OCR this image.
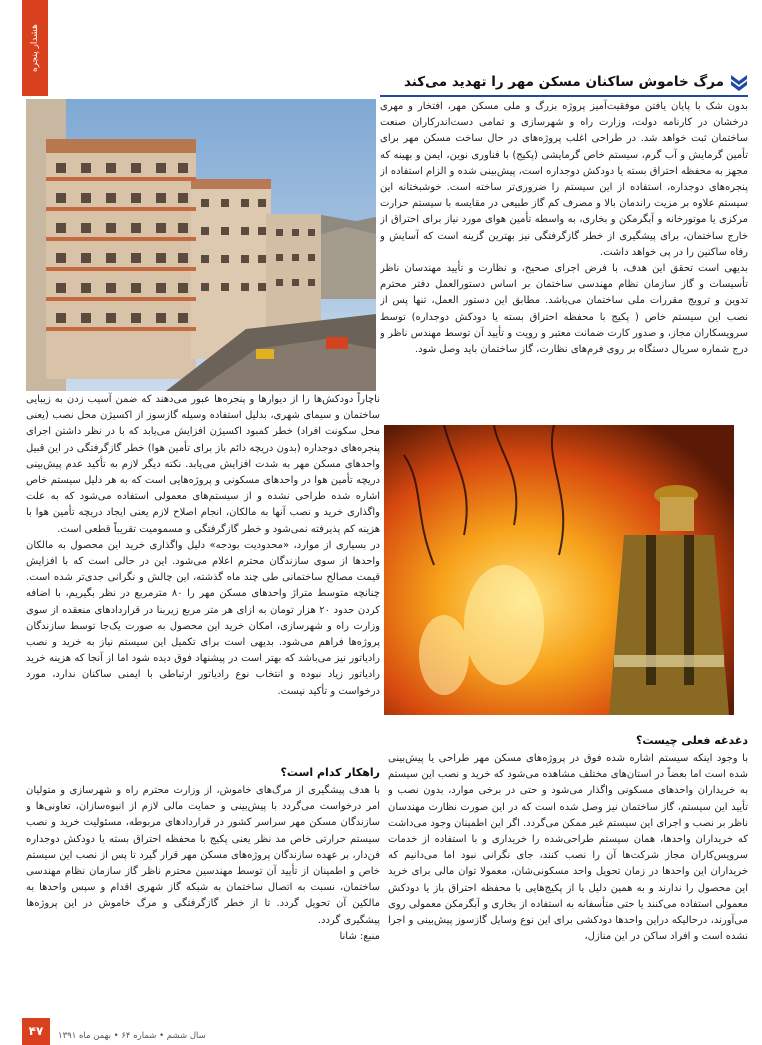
هشدار پنجره
مرگ خاموش ساکنان مسکن مهر را تهدید می‌کند

بدون شک با پایان یافتن موفقیت‌آمیز پروژه بزرگ و ملی مسکن مهر، افتخار و مهری درخشان در کارنامه دولت، وزارت راه و شهرسازی و تمامی دست‌اندرکاران صنعت ساختمان ثبت خواهد شد. در طراحی اغلب پروژه‌های در حال ساخت مسکن مهر برای تأمین گرمایش و آب گرم، سیستم خاص گرمایشی (پکیج) با فناوری نوین، ایمن و بهینه که مجهز به محفظه احتراق بسته یا دودکش دوجداره است، پیش‌بینی شده و الزام استفاده از پنجره‌های دوجداره، استفاده از این سیستم را ضروری‌تر ساخته است. خوشبختانه این سیستم علاوه بر مزیت راندمان بالا و مصرف کم گاز طبیعی در مقایسه با سیستم حرارت مرکزی یا موتورخانه و آبگرمکن و بخاری، به واسطه تأمین هوای مورد نیاز برای احتراق از خارج ساختمان، برای پیشگیری از خطر گازگرفتگی نیز بهترین گزینه است که آسایش و رفاه ساکنین را در پی خواهد داشت.

بدیهی است تحقق این هدف، با فرض اجرای صحیح، و نظارت و تأیید مهندسان ناظر تأسیسات و گاز سازمان نظام مهندسی ساختمان بر اساس دستورالعمل دفتر محترم تدوین و ترویج مقررات ملی ساختمان می‌باشد. مطابق این دستور العمل، تنها پس از نصب این سیستم خاص ( پکیج با محفظه احتراق بسته یا دودکش دوجداره) توسط سرویسکاران مجاز، و صدور کارت ضمانت معتبر و رویت و تأیید آن توسط مهندس ناظر و درج شماره سریال دستگاه بر روی فرم‌های نظارت، گاز ساختمان باید وصل شود.

ناچاراً دودکش‌ها را از دیوارها و پنجره‌ها عبور می‌دهند که ضمن آسیب زدن به زیبایی ساختمان و سیمای شهری، بدلیل استفاده وسیله گازسوز از اکسیژن محل نصب (یعنی محل سکونت افراد) خطر کمبود اکسیژن افزایش می‌یابد که با در نظر داشتن اجرای پنجره‌های دوجداره (بدون دریچه دائم باز برای تأمین هوا) خطر گازگرفتگی در این قبیل واحدهای مسکن مهر به شدت افزایش می‌یابد. نکته دیگر لازم به تأکید عدم پیش‌بینی دریچه تأمین هوا در واحدهای مسکونی و پروژه‌هایی است که به هر دلیل سیستم خاص اشاره شده طراحی نشده و از سیستم‌های معمولی استفاده می‌شود که به علت واگذاری خرید و نصب آنها به مالکان، انجام اصلاح لازم یعنی ایجاد دریچه تأمین هوا با هزینه کم پذیرفته نمی‌شود و خطر گازگرفتگی و مسمومیت تقریباً قطعی است.

در بسیاری از موارد، «محدودیت بودجه» دلیل واگذاری خرید این محصول به مالکان واحدها از سوی سازندگان محترم اعلام می‌شود. این در حالی است که با افزایش قیمت مصالح ساختمانی طی چند ماه گذشته، این چالش و نگرانی جدی‌تر شده است. چنانچه متوسط متراژ واحدهای مسکن مهر را ۸۰ مترمربع در نظر بگیریم، با اضافه کردن حدود ۲۰ هزار تومان به ازای هر متر مربع زیربنا در قراردادهای منعقده از سوی وزارت راه و شهرسازی، امکان خرید این محصول به صورت یک‌جا توسط سازندگان پروژه‌ها فراهم می‌شود. بدیهی است برای تکمیل این سیستم نیاز به خرید و نصب رادیاتور نیز می‌باشد که بهتر است در پیشنهاد فوق دیده شود اما از آنجا که هزینه خرید رادیاتور زیاد نبوده و انتخاب نوع رادیاتور ارتباطی با ایمنی ساکنان ندارد، مورد درخواست و تأکید نیست.

راهکار کدام است؟

با هدف پیشگیری از مرگ‌های خاموش، از وزارت محترم راه و شهرسازی و متولیان امر درخواست می‌گردد با پیش‌بینی و حمایت مالی لازم از انبوه‌سازان، تعاونی‌ها و سازندگان مسکن مهر سراسر کشور در قراردادهای مربوطه، مسئولیت خرید و نصب سیستم حرارتی خاص مد نظر یعنی پکیج با محفظه احتراق بسته یا دودکش دوجداره فن‌دار، بر عهده سازندگان پروژه‌های مسکن مهر قرار گیرد تا پس از نصب این سیستم خاص و اطمینان از تأیید آن توسط مهندسین محترم ناظر گاز سازمان نظام مهندسی ساختمان، نسبت به اتصال ساختمان به شبکه گاز شهری اقدام و سپس واحدها به مالکین آن تحویل گردد. تا از خطر گازگرفتگی و مرگ خاموش در این پروژه‌ها پیشگیری گردد.

منبع: شانا

دغدغه فعلی چیست؟

با وجود اینکه سیستم اشاره شده فوق در پروژه‌های مسکن مهر طراحی یا پیش‌بینی شده است اما بعضاً در استان‌های مختلف مشاهده می‌شود که خرید و نصب این سیستم به خریداران واحدهای مسکونی واگذار می‌شود و حتی در برخی موارد، بدون نصب و تأیید این سیستم، گاز ساختمان نیز وصل شده است که در این صورت نظارت مهندسان ناظر بر نصب و اجرای این سیستم غیر ممکن می‌گردد. اگر این اطمینان وجود می‌داشت که خریداران واحدها، همان سیستم طراحی‌شده را خریداری و با استفاده از خدمات سرویس‌کاران مجاز شرکت‌ها آن را نصب کنند، جای نگرانی نبود اما می‌دانیم که خریداران این واحدها در زمان تحویل واحد مسکونی‌شان، معمولا توان مالی برای خرید این محصول را ندارند و به همین دلیل یا از پکیج‌هایی با محفظه احتراق باز یا دودکش معمولی استفاده می‌کنند یا حتی متأسفانه به استفاده از بخاری و آبگرمکن معمولی روی می‌آورند، درحالیکه دراین واحدها دودکشی برای این نوع وسایل گازسوز پیش‌بینی و اجرا نشده است و افراد ساکن در این منازل،

۴۷	سال ششم • شماره ۶۴ • بهمن ماه ۱۳۹۱
